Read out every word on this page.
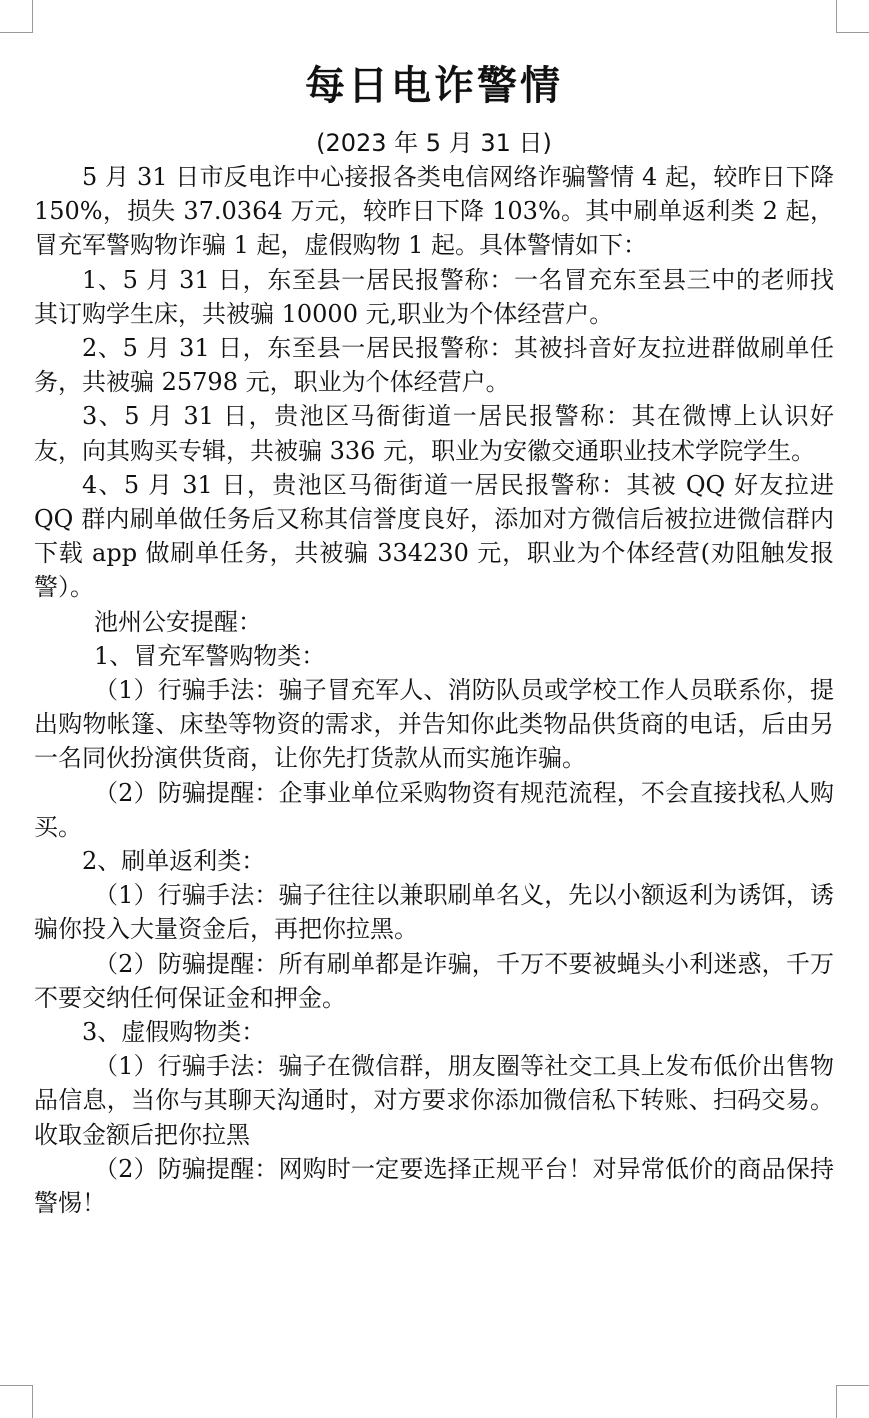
每日电诈警情
(2023 年 5 月 31 日)

5 月 31 日市反电诈中心接报各类电信网络诈骗警情 4 起，较昨日下降 150%，损失 37.0364 万元，较昨日下降 103%。其中刷单返利类 2 起，冒充军警购物诈骗 1 起，虚假购物 1 起。具体警情如下：

1、5 月 31 日，东至县一居民报警称：一名冒充东至县三中的老师找其订购学生床，共被骗 10000 元,职业为个体经营户。

2、5 月 31 日，东至县一居民报警称：其被抖音好友拉进群做刷单任务，共被骗 25798 元，职业为个体经营户。

3、5 月 31 日，贵池区马衙街道一居民报警称：其在微博上认识好友，向其购买专辑，共被骗 336 元，职业为安徽交通职业技术学院学生。

4、5 月 31 日，贵池区马衙街道一居民报警称：其被 QQ 好友拉进 QQ 群内刷单做任务后又称其信誉度良好，添加对方微信后被拉进微信群内下载 app 做刷单任务，共被骗 334230 元，职业为个体经营(劝阻触发报警）。

池州公安提醒：

1、冒充军警购物类：

（1）行骗手法：骗子冒充军人、消防队员或学校工作人员联系你，提出购物帐篷、床垫等物资的需求，并告知你此类物品供货商的电话，后由另一名同伙扮演供货商，让你先打货款从而实施诈骗。

（2）防骗提醒：企事业单位采购物资有规范流程，不会直接找私人购买。

2、刷单返利类：

（1）行骗手法：骗子往往以兼职刷单名义，先以小额返利为诱饵，诱骗你投入大量资金后，再把你拉黑。

（2）防骗提醒：所有刷单都是诈骗，千万不要被蝇头小利迷惑，千万不要交纳任何保证金和押金。

3、虚假购物类：

（1）行骗手法：骗子在微信群，朋友圈等社交工具上发布低价出售物品信息，当你与其聊天沟通时，对方要求你添加微信私下转账、扫码交易。收取金额后把你拉黑

（2）防骗提醒：网购时一定要选择正规平台！对异常低价的商品保持警惕！
